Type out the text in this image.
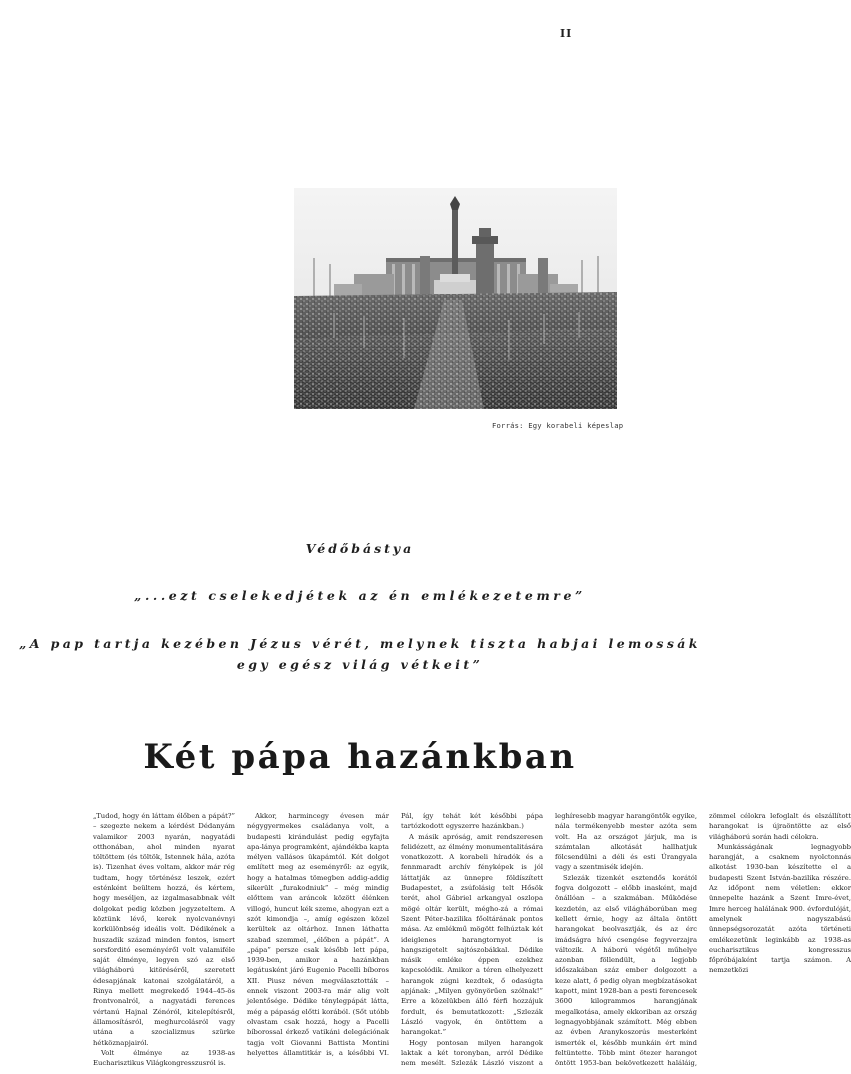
II
Forrás: Egy korabeli képeslap

Védőbástya

„...ezt cselekedjétek az én emlékezetemre”

„A pap tartja kezében Jézus vérét, melynek tiszta habjai lemossák egy egész világ vétkeit”

Két pápa hazánkban

„Tudod, hogy én láttam élőben a pápát?” – szegezte nekem a kérdést Dédanyám valamikor 2003 nyarán, nagyatádi otthonában, ahol minden nyarat töltöttem (és töltök, Istennek hála, azóta is). Tizenhat éves voltam, akkor már rég tudtam, hogy történész leszek, ezért esténként beültem hozzá, és kértem, hogy meséljen, az izgalmasabbnak vélt dolgokat pedig közben jegyzeteltem. A köztünk lévő, kerek nyolcvanévnyi korkülönbség ideális volt. Dédikének a huszadik század minden fontos, ismert sorsforditó eseményéről volt valamiféle saját élménye, legyen szó az első világháború kitöréséről, szeretett édesapjának katonai szolgálatáról, a Rinya mellett megrekedő 1944–45-ös frontvonalról, a nagyatádi ferences vértanú Hajnal Zénóról, kitelepítésről, államosításról, meghurcolásról vagy utána a szocializmus szürke hétköznapjairól.

Volt élménye az 1938-as Eucharisztikus Világkongresszusról is.

Akkor, harmincegy évesen már négygyermekes családanya volt, a budapesti kirándulást pedig egyfajta apa-lánya programként, ajándékba kapta mélyen vallásos ükapámtól. Két dolgot említett meg az eseményről: az egyik, hogy a hatalmas tömegben addig-addig sikerült „furakodniuk” – még mindig előttem van aráncok között élénken villogó, huncut kék szeme, ahogyan ezt a szót kimondja –, amíg egészen közel kerültek az oltárhoz. Innen láthatta szabad szemmel, „élőben a pápát”. A „pápa” persze csak később lett pápa, 1939-ben, amikor a hazánkban legátusként járó Eugenio Pacelli bíboros XII. Piusz néven megválasztották – ennek viszont 2003-ra már alig volt jelentősége. Dédike ténylegpápát látta, még a pápaság előtti korából. (Sőt utóbb olvastam csak hozzá, hogy a Pacelli bíborossal érkező vatikáni delegációnak tagja volt Giovanni Battista Montini helyettes államtitkár is, a későbbi VI. Pál, így tehát két későbbi pápa tartózkodott egyszerre hazánkban.)

A másik apróság, amit rendszeresen felidézett, az élmény monumentalitására vonatkozott. A korabeli híradók és a fennmaradt archív fényképek is jól láttatják az ünnepre földíszített Budapestet, a zsúfolásig telt Hősök terét, ahol Gábriel arkangyal oszlopa mögé oltár került, mégho-zá a római Szent Péter-bazilika főoltárának pontos mása. Az emlékmű mögött felhúztak két ideiglenes harangtornyot is hangszigetelt sajtószobákkal. Dédike másik emléke éppen ezekhez kapcsolódik. Amikor a téren elhelyezett harangok zúgni kezdtek, ő odasúgta apjának: „Milyen gyönyörűen szólnak!” Erre a közelükben álló férfi hozzájuk fordult, és bemutatkozott: „Szlezák László vagyok, én öntöttem a harangokat.”

Hogy pontosan milyen harangok laktak a két toronyban, arról Dédike nem mesélt. Szlezák László viszont a leghíresebb magyar harangöntők egyike, nála termékenyebb mester azóta sem volt. Ha az országot járjuk, ma is számtalan alkotását hallhatjuk fölcsendülni a déli és esti Úrangyala vagy a szentmisék idején.

Szlezák tizenkét esztendős korától fogva dolgozott – előbb inasként, majd önállóan – a szakmában. Működése kezdetén, az első világháborúban meg kellett érnie, hogy az általa öntött harangokat beolvasztják, és az érc imádságra hívó csengése fegyverzajra változik. A háború végétől műhelye azonban föllendült, a legjobb időszakában száz ember dolgozott a keze alatt, ő pedig olyan megbízatásokat kapott, mint 1928-ban a pesti ferencesek 3600 kilogrammos harangjának megalkotása, amely ekkoriban az ország legnagyobbjának számított. Még ebben az évben Aranykoszorús mesterként ismerték el, később munkáin ért mind feltüntette. Több mint ötezer harangot öntött 1953-ban bekövetkezett haláláig, zömmel célokra lefoglalt és elszállított harangokat is újraöntötte az első világháború során hadi célokra.

Munkásságának legnagyobb harangját, a csaknem nyolctonnás alkotást 1930-ban készítette el a budapesti Szent István-bazilika részére. Az időpont nem véletlen: ekkor ünnepelte hazánk a Szent Imre-évet, Imre herceg halálának 900. évfordulóját, amelynek nagyszabású ünnepségsorozatát azóta történeti emlékezetünk leginkább az 1938-as eucharisztikus kongresszus főpróbájaként tartja számon. A nemzetközi
